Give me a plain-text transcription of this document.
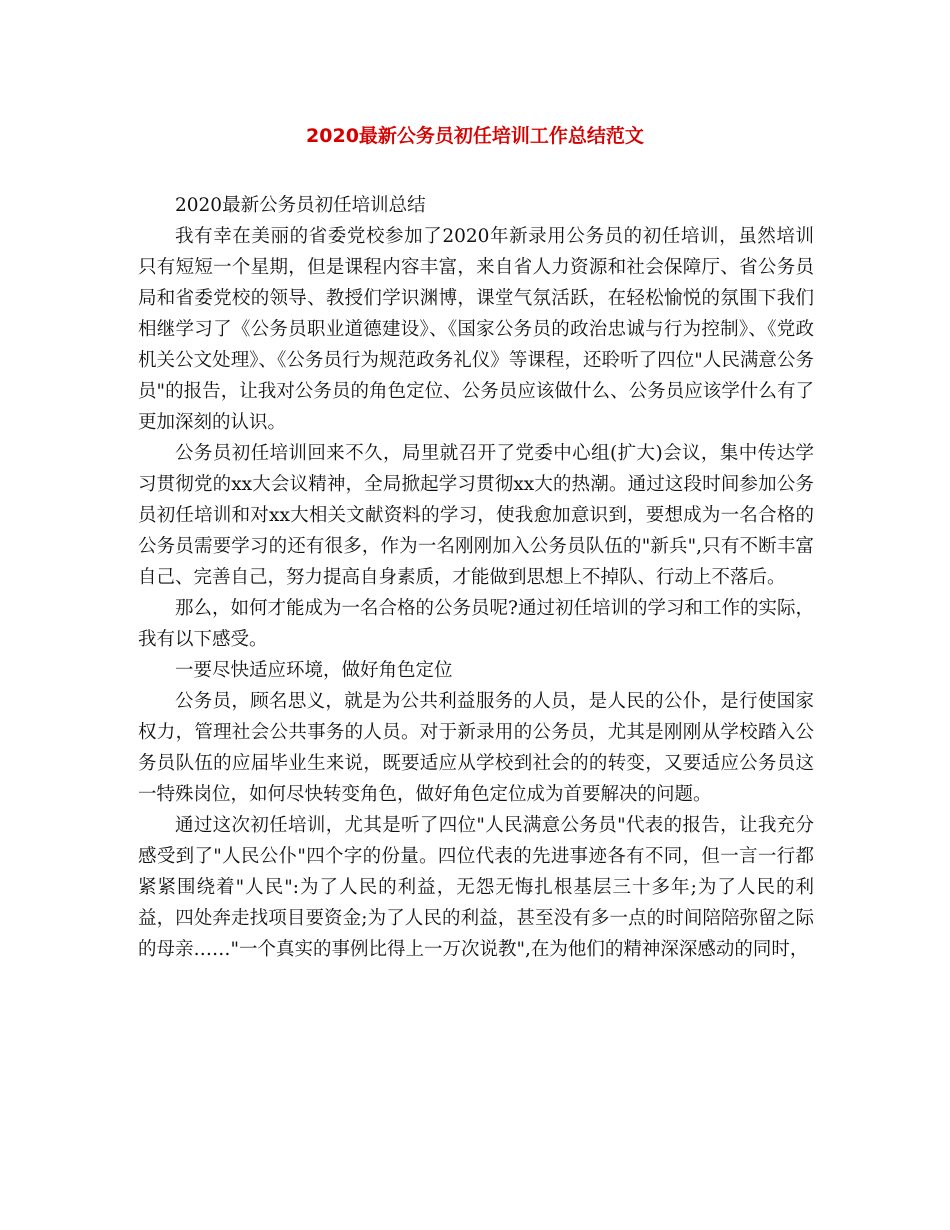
2020最新公务员初任培训工作总结范文

2020最新公务员初任培训总结

我有幸在美丽的省委党校参加了2020年新录用公务员的初任培训，虽然培训只有短短一个星期，但是课程内容丰富，来自省人力资源和社会保障厅、省公务员局和省委党校的领导、教授们学识渊博，课堂气氛活跃，在轻松愉悦的氛围下我们相继学习了《公务员职业道德建设》、《国家公务员的政治忠诚与行为控制》、《党政机关公文处理》、《公务员行为规范政务礼仪》等课程，还聆听了四位"人民满意公务员"的报告，让我对公务员的角色定位、公务员应该做什么、公务员应该学什么有了更加深刻的认识。

公务员初任培训回来不久，局里就召开了党委中心组(扩大)会议，集中传达学习贯彻党的xx大会议精神，全局掀起学习贯彻xx大的热潮。通过这段时间参加公务员初任培训和对xx大相关文献资料的学习，使我愈加意识到，要想成为一名合格的公务员需要学习的还有很多，作为一名刚刚加入公务员队伍的"新兵",只有不断丰富自己、完善自己，努力提高自身素质，才能做到思想上不掉队、行动上不落后。

那么，如何才能成为一名合格的公务员呢?通过初任培训的学习和工作的实际，我有以下感受。

一要尽快适应环境，做好角色定位

公务员，顾名思义，就是为公共利益服务的人员，是人民的公仆，是行使国家权力，管理社会公共事务的人员。对于新录用的公务员，尤其是刚刚从学校踏入公务员队伍的应届毕业生来说，既要适应从学校到社会的的转变，又要适应公务员这一特殊岗位，如何尽快转变角色，做好角色定位成为首要解决的问题。

通过这次初任培训，尤其是听了四位"人民满意公务员"代表的报告，让我充分感受到了"人民公仆"四个字的份量。四位代表的先进事迹各有不同，但一言一行都紧紧围绕着"人民":为了人民的利益，无怨无悔扎根基层三十多年;为了人民的利益，四处奔走找项目要资金;为了人民的利益，甚至没有多一点的时间陪陪弥留之际的母亲……"一个真实的事例比得上一万次说教",在为他们的精神深深感动的同时，
